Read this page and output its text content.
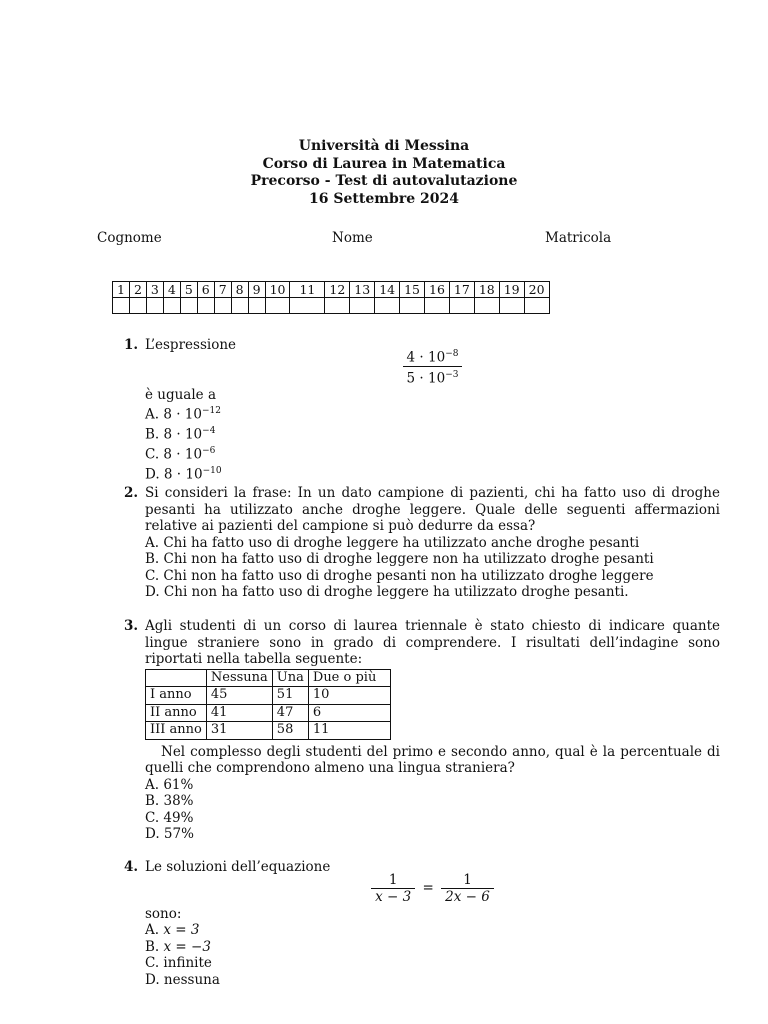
Università di Messina
Corso di Laurea in Matematica
Precorso - Test di autovalutazione
16 Settembre 2024
Cognome	Nome	Matricola
1	2	3	4	5	6	7	8	9	10	11	12	13	14	15	16	17	18	19	20

1. L’espressione
$\frac{4 \cdot 10^{-8}}{5 \cdot 10^{-3}}$
è uguale a
A. $8 \cdot 10^{-12}$
B. $8 \cdot 10^{-4}$
C. $8 \cdot 10^{-6}$
D. $8 \cdot 10^{-10}$
2. Si consideri la frase: In un dato campione di pazienti, chi ha fatto uso di droghe pesanti ha utilizzato anche droghe leggere. Quale delle seguenti affermazioni relative ai pazienti del campione si può dedurre da essa?
A. Chi ha fatto uso di droghe leggere ha utilizzato anche droghe pesanti
B. Chi non ha fatto uso di droghe leggere non ha utilizzato droghe pesanti
C. Chi non ha fatto uso di droghe pesanti non ha utilizzato droghe leggere
D. Chi non ha fatto uso di droghe leggere ha utilizzato droghe pesanti.
3. Agli studenti di un corso di laurea triennale è stato chiesto di indicare quante lingue straniere sono in grado di comprendere. I risultati dell’indagine sono riportati nella tabella seguente:
	Nessuna	Una	Due o più
I anno	45	51	10
II anno	41	47	6
III anno	31	58	11
Nel complesso degli studenti del primo e secondo anno, qual è la percentuale di quelli che comprendono almeno una lingua straniera?
A. 61%
B. 38%
C. 49%
D. 57%
4. Le soluzioni dell’equazione
$\frac{1}{x - 3} = \frac{1}{2x - 6}$
sono:
A. x = 3
B. x = −3
C. infinite
D. nessuna
